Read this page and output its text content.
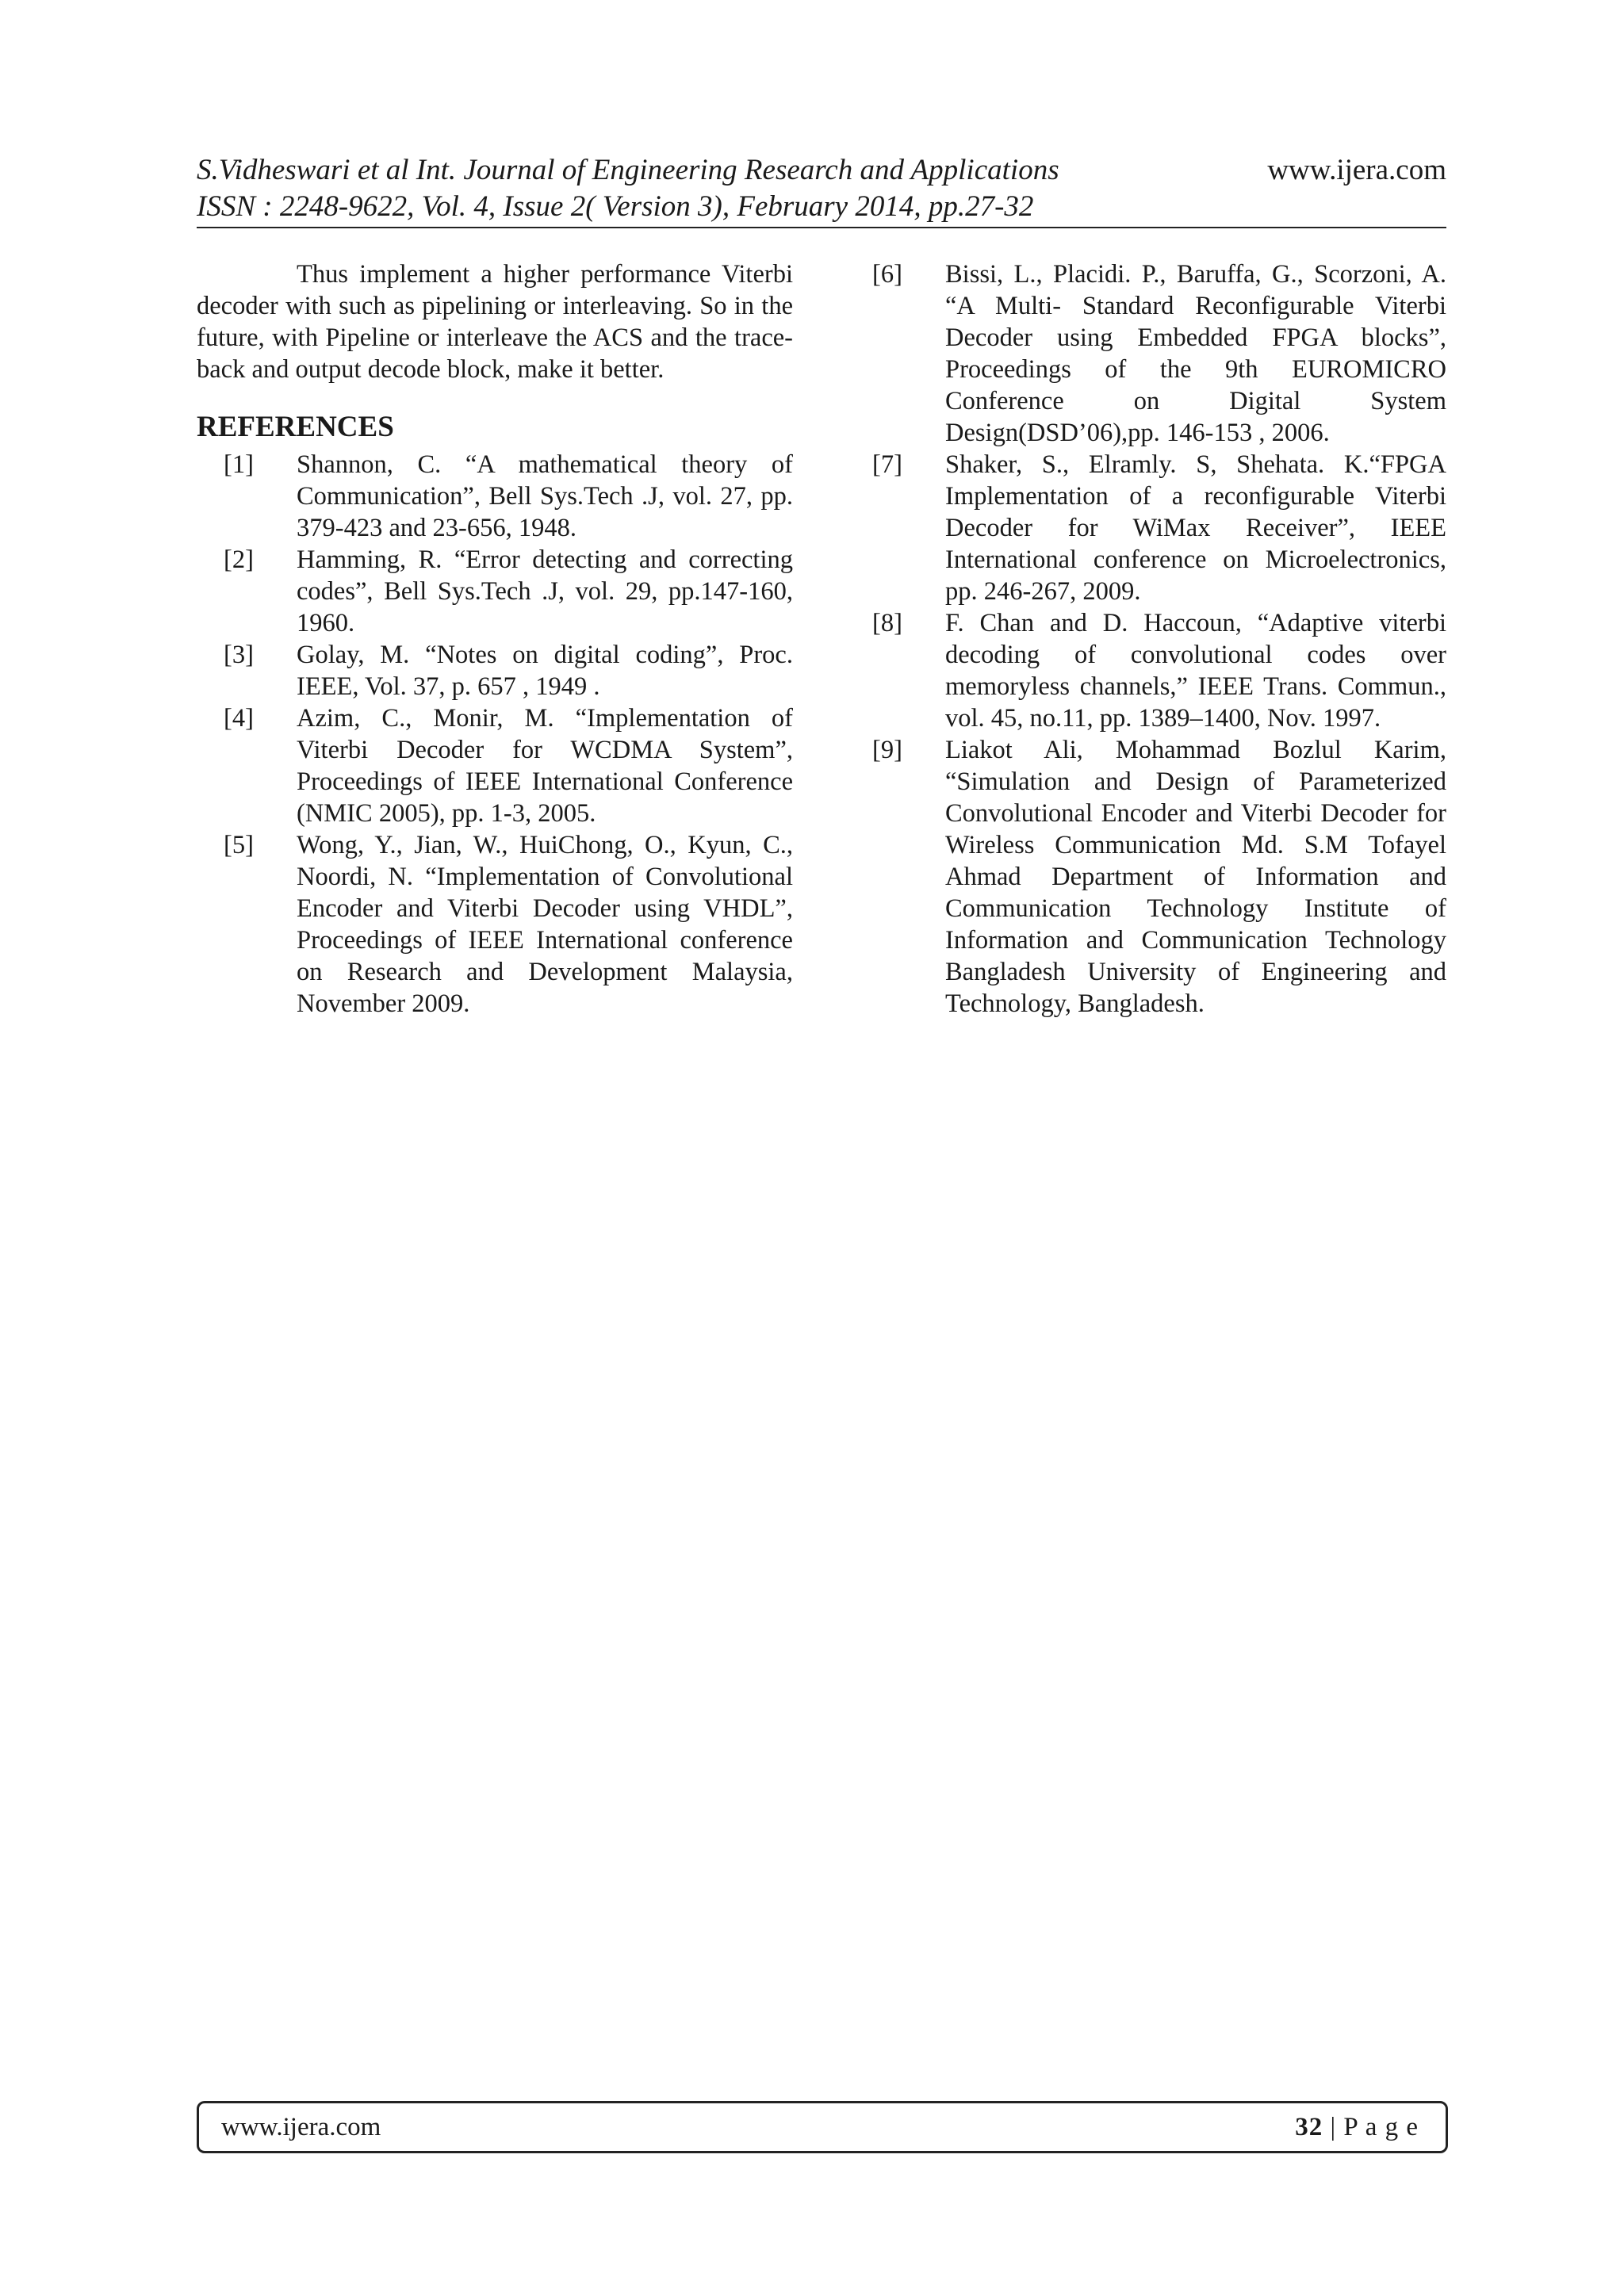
S.Vidheswari et al Int. Journal of Engineering Research and Applications	www.ijera.com
ISSN : 2248-9622, Vol. 4, Issue 2( Version 3), February 2014, pp.27-32

Thus implement a higher performance Viterbi decoder with such as pipelining or interleaving. So in the future, with Pipeline or interleave the ACS and the trace-back and output decode block, make it better.

REFERENCES
[1]	Shannon, C. “A mathematical theory of Communication”, Bell Sys.Tech .J, vol. 27, pp. 379-423 and 23-656, 1948.
[2]	Hamming, R. “Error detecting and correcting codes”, Bell Sys.Tech .J, vol. 29, pp.147-160, 1960.
[3]	Golay, M. “Notes on digital coding”, Proc. IEEE, Vol. 37, p. 657 , 1949 .
[4]	Azim, C., Monir, M. “Implementation of Viterbi Decoder for WCDMA System”, Proceedings of IEEE International Conference (NMIC 2005), pp. 1-3, 2005.
[5]	Wong, Y., Jian, W., HuiChong, O., Kyun, C., Noordi, N. “Implementation of Convolutional Encoder and Viterbi Decoder using VHDL”, Proceedings of IEEE International conference on Research and Development Malaysia, November 2009.
[6]	Bissi, L., Placidi. P., Baruffa, G., Scorzoni, A. “A Multi- Standard Reconfigurable Viterbi Decoder using Embedded FPGA blocks”, Proceedings of the 9th EUROMICRO Conference on Digital System Design(DSD’06),pp. 146-153 , 2006.
[7]	Shaker, S., Elramly. S, Shehata. K.“FPGA Implementation of a reconfigurable Viterbi Decoder for WiMax Receiver”, IEEE International conference on Microelectronics, pp. 246-267, 2009.
[8]	F. Chan and D. Haccoun, “Adaptive viterbi decoding of convolutional codes over memoryless channels,” IEEE Trans. Commun., vol. 45, no.11, pp. 1389–1400, Nov. 1997.
[9]	Liakot Ali, Mohammad Bozlul Karim, “Simulation and Design of Parameterized Convolutional Encoder and Viterbi Decoder for Wireless Communication Md. S.M Tofayel Ahmad Department of Information and Communication Technology Institute of Information and Communication Technology Bangladesh University of Engineering and Technology, Bangladesh.
www.ijera.com	32 | P a g e
